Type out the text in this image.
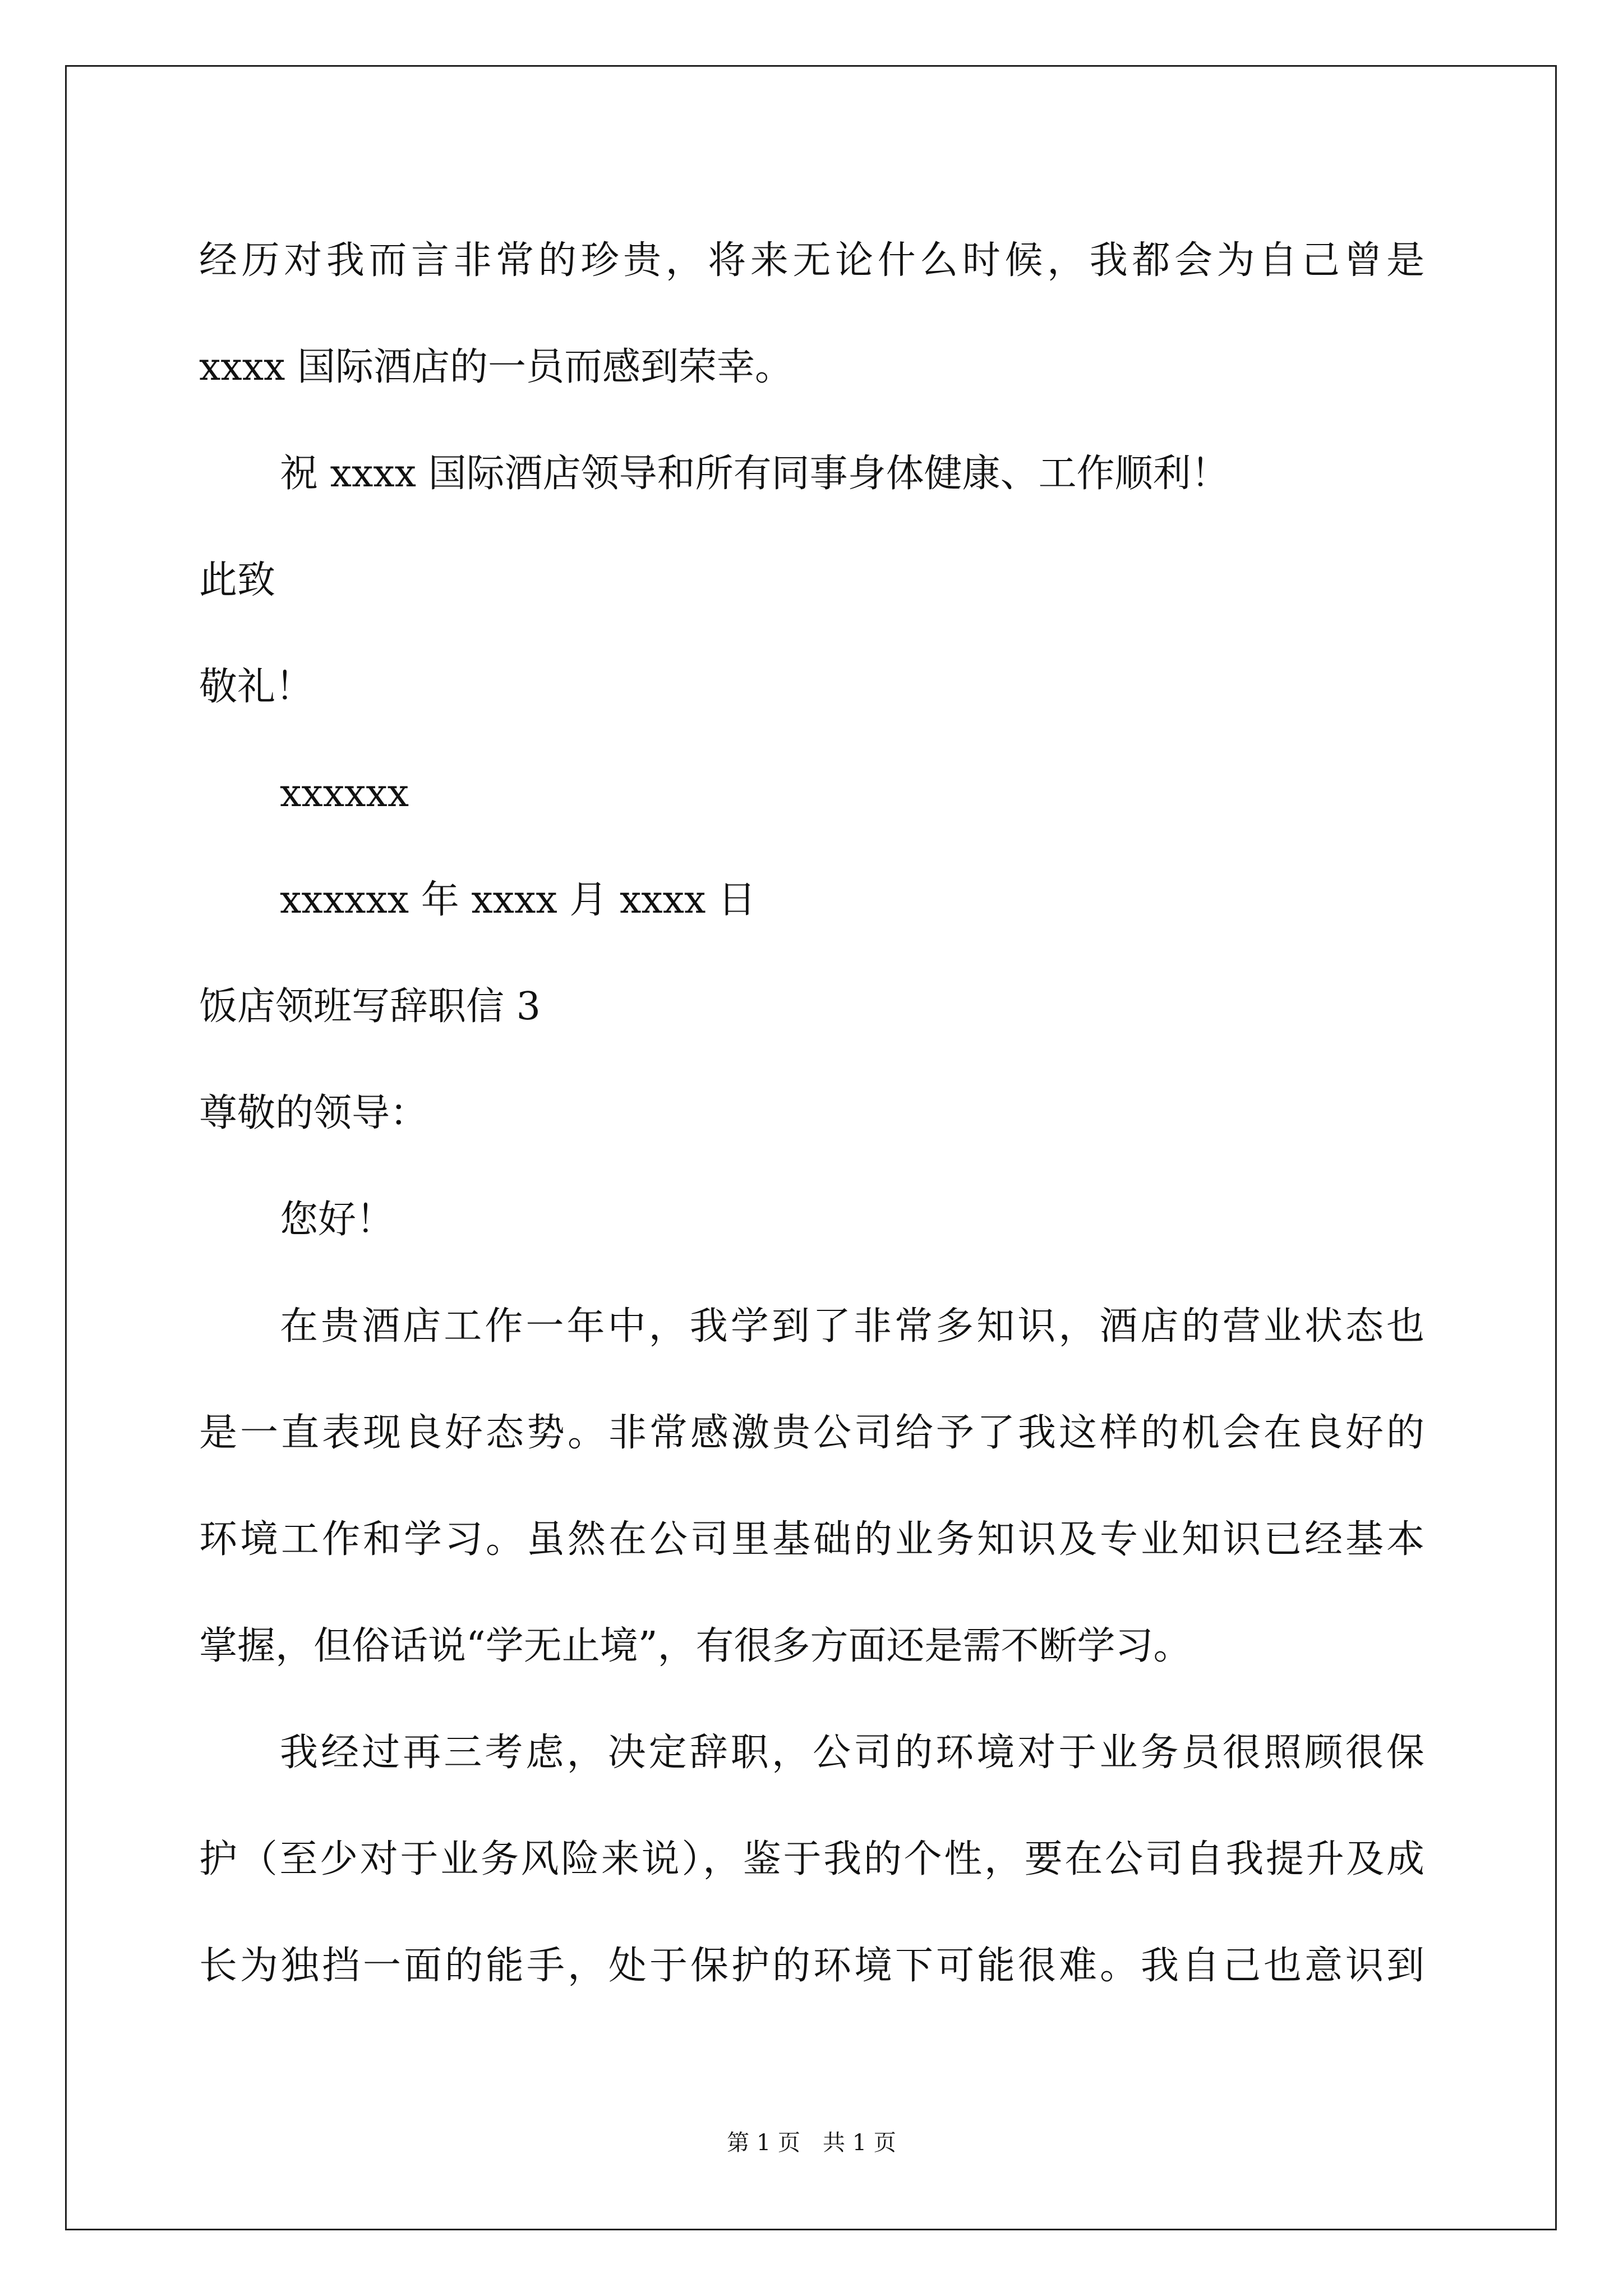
经历对我而言非常的珍贵，将来无论什么时候，我都会为自己曾是
xxxx 国际酒店的一员而感到荣幸。
祝 xxxx 国际酒店领导和所有同事身体健康、工作顺利！
此致
敬礼！
xxxxxx
xxxxxx 年 xxxx 月 xxxx 日
饭店领班写辞职信 3
尊敬的领导：
您好！
在贵酒店工作一年中，我学到了非常多知识，酒店的营业状态也
是一直表现良好态势。非常感激贵公司给予了我这样的机会在良好的
环境工作和学习。虽然在公司里基础的业务知识及专业知识已经基本
掌握，但俗话说“学无止境”，有很多方面还是需不断学习。
我经过再三考虑，决定辞职，公司的环境对于业务员很照顾很保
护（至少对于业务风险来说），鉴于我的个性，要在公司自我提升及成
长为独挡一面的能手，处于保护的环境下可能很难。我自己也意识到
第 1 页　共 1 页
